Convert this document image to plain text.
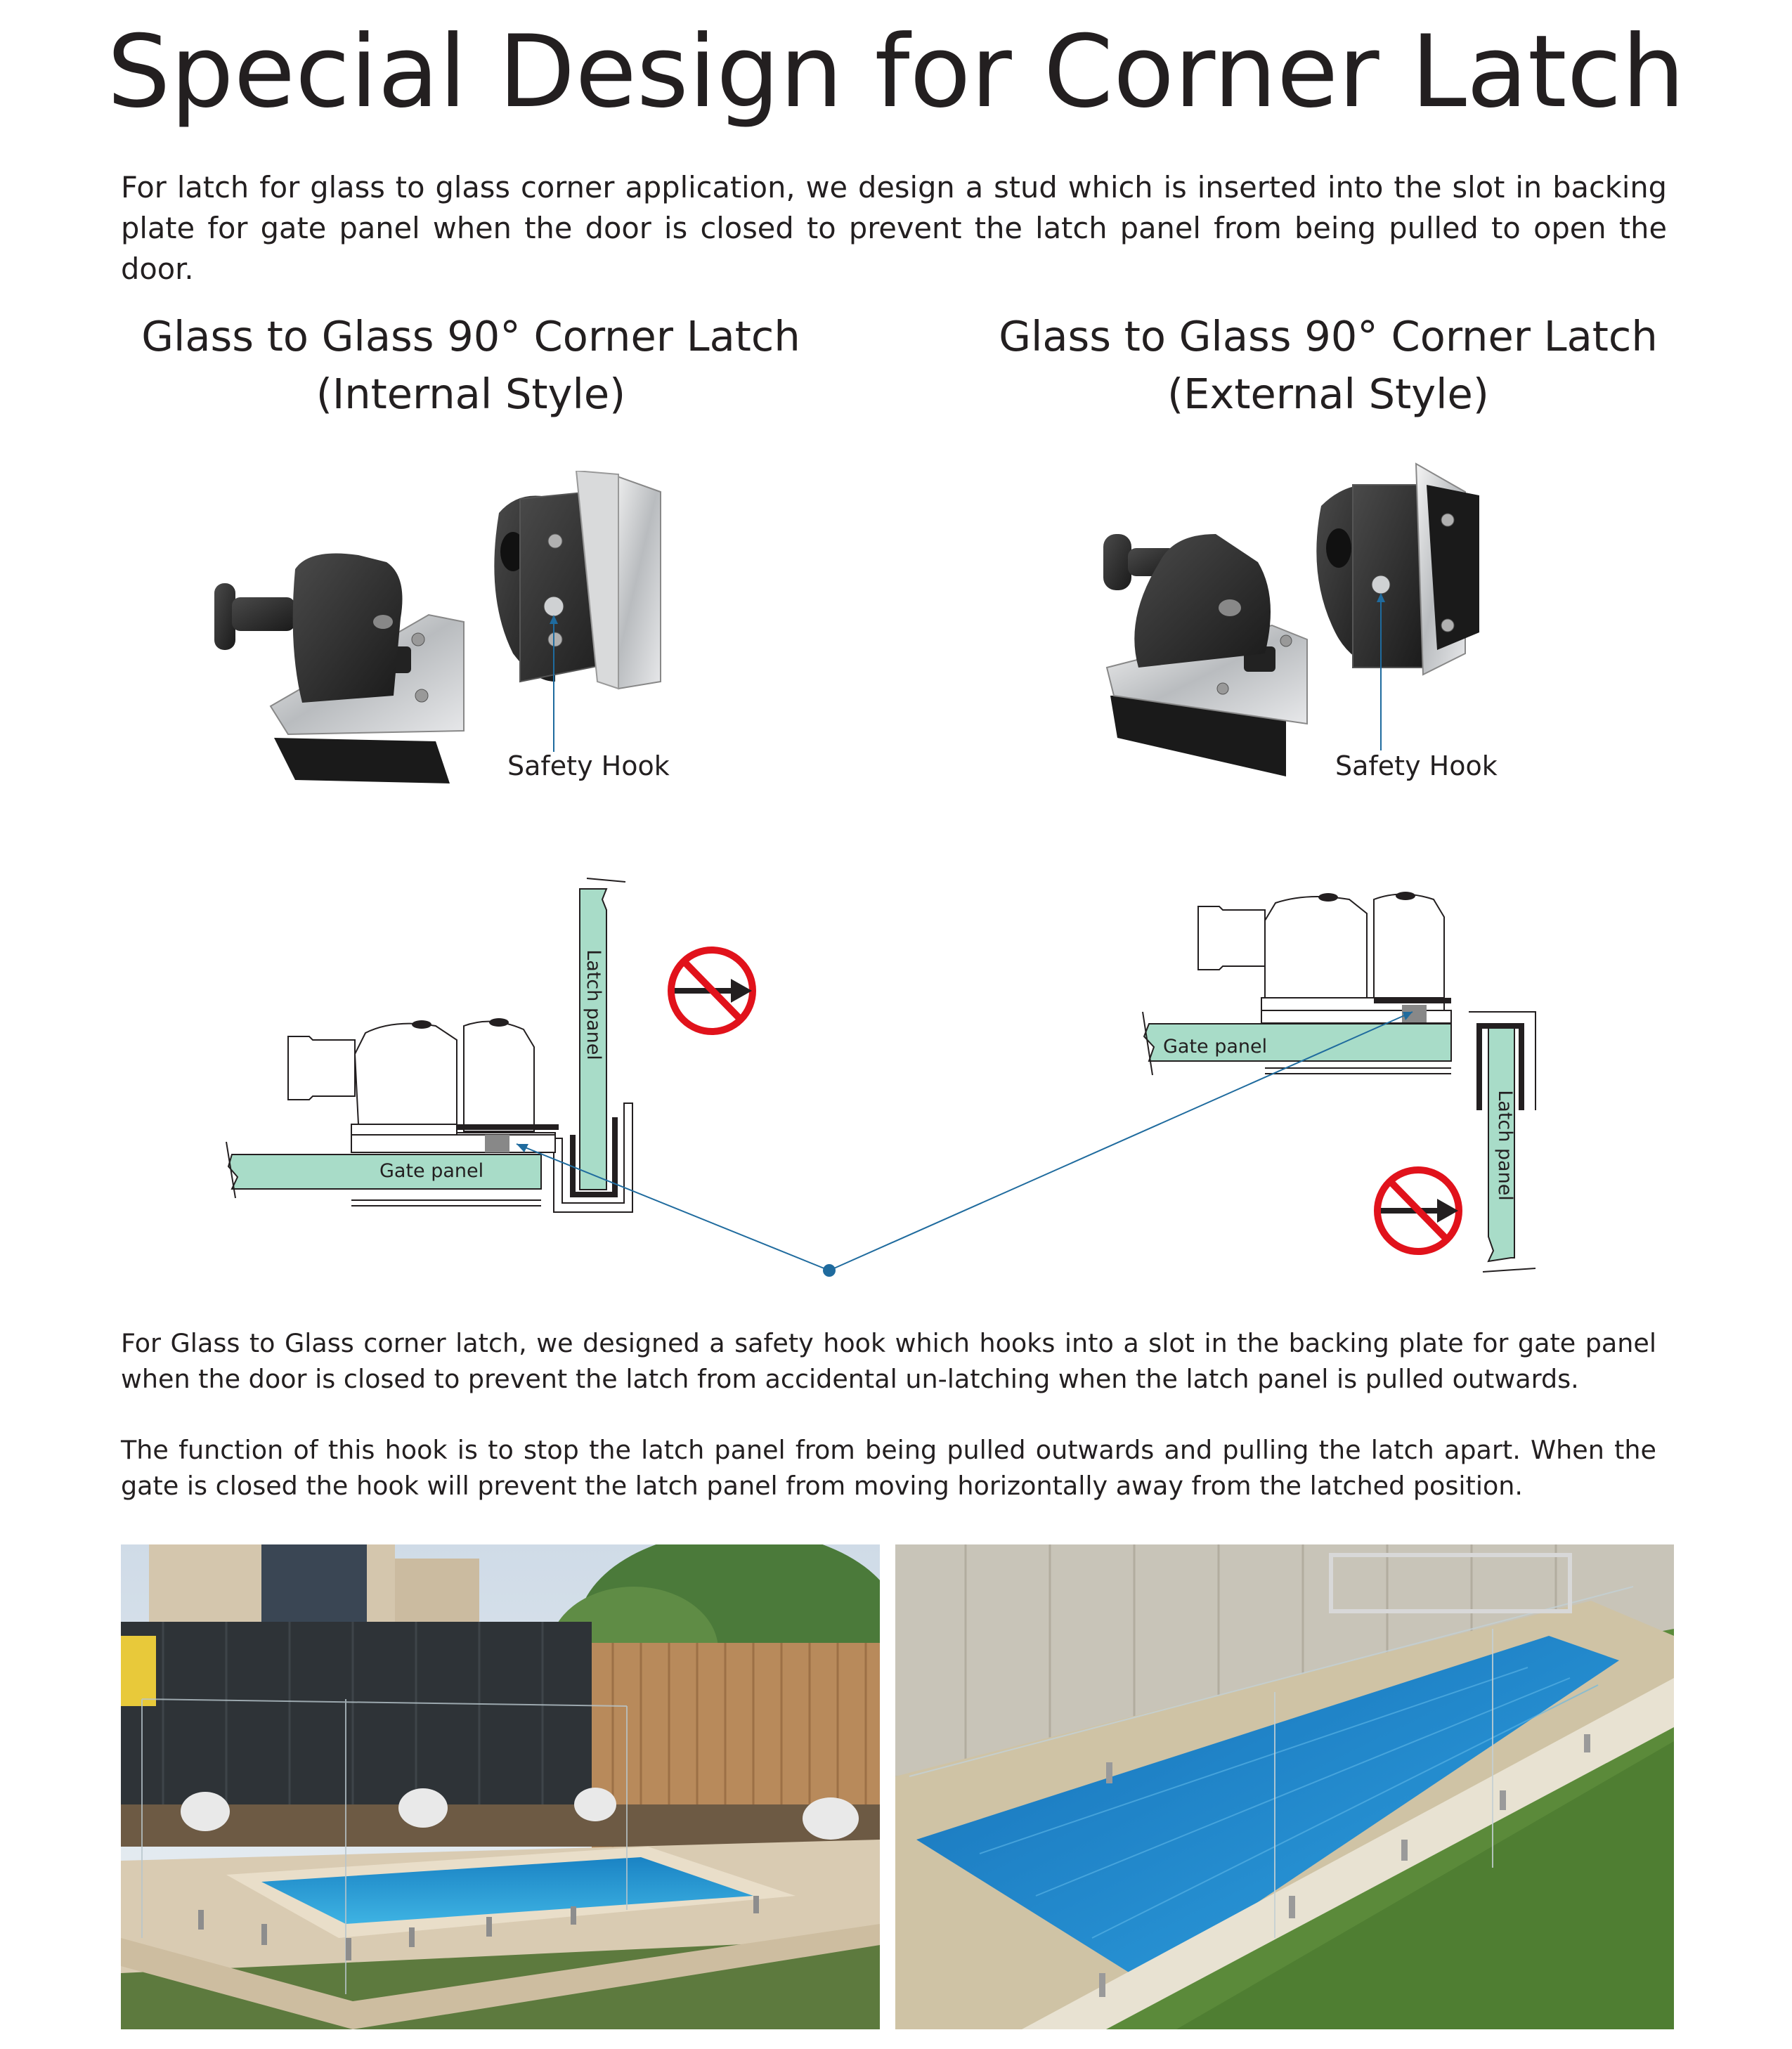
Special Design for Corner Latch

For latch for glass to glass corner application, we design a stud which is inserted into the slot in backing plate for gate panel when the door is closed to prevent the latch panel from being pulled to open the door.

Glass to Glass 90° Corner Latch
(Internal Style)
Glass to Glass 90° Corner Latch
(External Style)
Safety Hook	Safety Hook
Gate panel
Latch panel	Gate panel
Latch panel

For Glass to Glass corner latch, we designed a safety hook which hooks into a slot in the backing plate for gate panel when the door is closed to prevent the latch from accidental un-latching when the latch panel is pulled outwards.

The function of this hook is to stop the latch panel from being pulled outwards and pulling the latch apart. When the gate is closed the hook will prevent the latch panel from moving horizontally away from the latched position.
